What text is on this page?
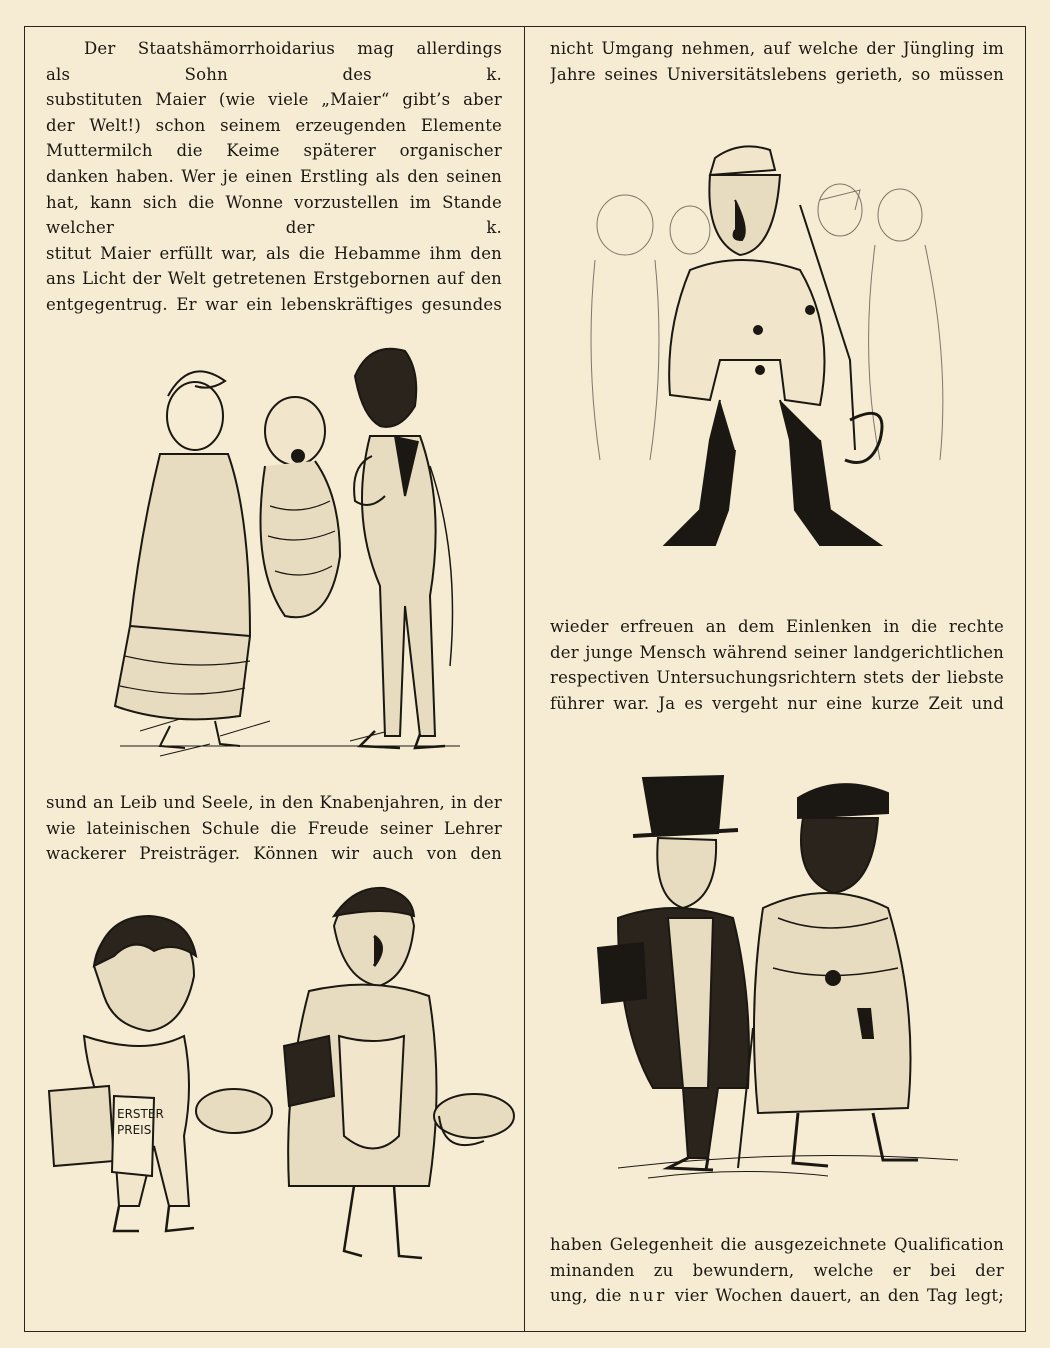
Der Staatshämorrhoidarius mag allerdings
als Sohn des k.
substituten Maier (wie viele „Maier“ gibt’s aber
der Welt!) schon seinem erzeugenden Elemente
Muttermilch die Keime späterer organischer
danken haben. Wer je einen Erstling als den seinen
hat, kann sich die Wonne vorzustellen im Stande
welcher der k.
stitut Maier erfüllt war, als die Hebamme ihm den
ans Licht der Welt getretenen Erstgebornen auf den
entgegentrug. Er war ein lebenskräftiges gesundes
sund an Leib und Seele, in den Knabenjahren, in der
wie lateinischen Schule die Freude seiner Lehrer
wackerer Preisträger. Können wir auch von den
ERSTER
PREIS
nicht Umgang nehmen, auf welche der Jüngling im
Jahre seines Universitätslebens gerieth, so müssen
wieder erfreuen an dem Einlenken in die rechte
der junge Mensch während seiner landgerichtlichen
respectiven Untersuchungsrichtern stets der liebste
führer war. Ja es vergeht nur eine kurze Zeit und
haben Gelegenheit die ausgezeichnete Qualification
minanden zu bewundern, welche er bei der
ung, die nur vier Wochen dauert, an den Tag legt;
